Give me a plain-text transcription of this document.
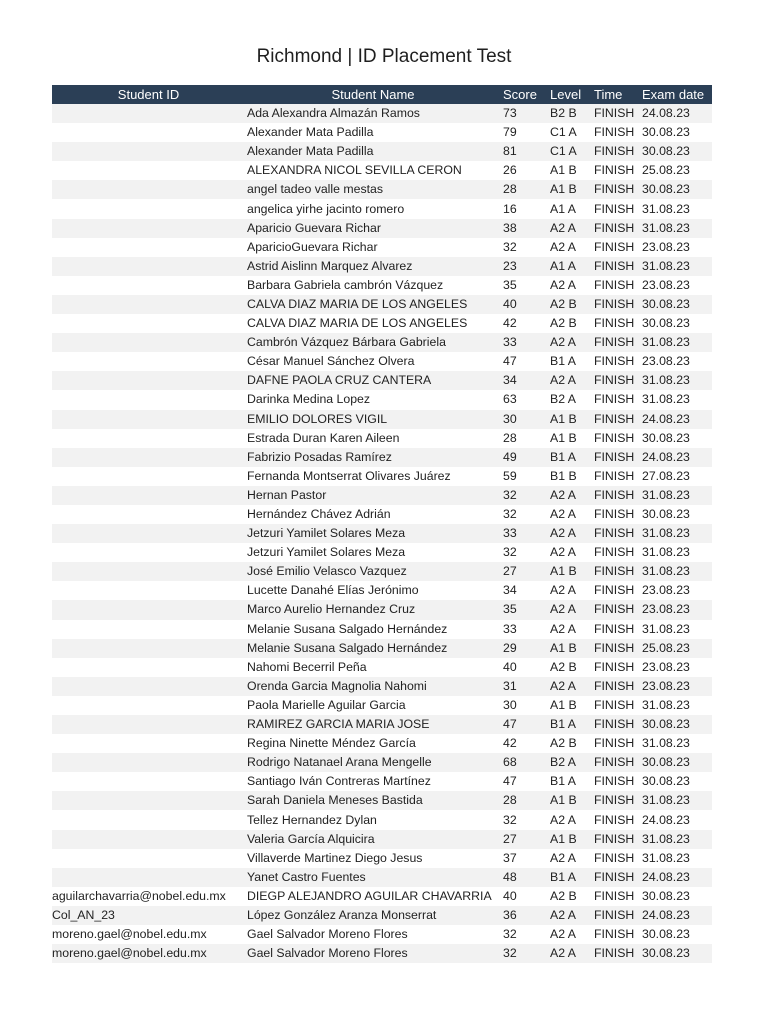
Richmond | ID Placement Test
Student ID	Student Name	Score	Level	Time	Exam date
	Ada Alexandra Almazán Ramos	73	B2 B	FINISH	24.08.23
	Alexander Mata Padilla	79	C1 A	FINISH	30.08.23
	Alexander Mata Padilla	81	C1 A	FINISH	30.08.23
	ALEXANDRA NICOL SEVILLA CERON	26	A1 B	FINISH	25.08.23
	angel tadeo valle mestas	28	A1 B	FINISH	30.08.23
	angelica yirhe jacinto romero	16	A1 A	FINISH	31.08.23
	Aparicio Guevara Richar	38	A2 A	FINISH	31.08.23
	AparicioGuevara Richar	32	A2 A	FINISH	23.08.23
	Astrid Aislinn Marquez Alvarez	23	A1 A	FINISH	31.08.23
	Barbara Gabriela cambrón Vázquez	35	A2 A	FINISH	23.08.23
	CALVA DIAZ MARIA DE LOS ANGELES	40	A2 B	FINISH	30.08.23
	CALVA DIAZ MARIA DE LOS ANGELES	42	A2 B	FINISH	30.08.23
	Cambrón Vázquez Bárbara Gabriela	33	A2 A	FINISH	31.08.23
	César Manuel Sánchez Olvera	47	B1 A	FINISH	23.08.23
	DAFNE PAOLA CRUZ CANTERA	34	A2 A	FINISH	31.08.23
	Darinka Medina Lopez	63	B2 A	FINISH	31.08.23
	EMILIO DOLORES VIGIL	30	A1 B	FINISH	24.08.23
	Estrada Duran Karen Aileen	28	A1 B	FINISH	30.08.23
	Fabrizio Posadas Ramírez	49	B1 A	FINISH	24.08.23
	Fernanda Montserrat Olivares Juárez	59	B1 B	FINISH	27.08.23
	Hernan Pastor	32	A2 A	FINISH	31.08.23
	Hernández Chávez Adrián	32	A2 A	FINISH	30.08.23
	Jetzuri Yamilet Solares Meza	33	A2 A	FINISH	31.08.23
	Jetzuri Yamilet Solares Meza	32	A2 A	FINISH	31.08.23
	José Emilio Velasco Vazquez	27	A1 B	FINISH	31.08.23
	Lucette Danahé Elías Jerónimo	34	A2 A	FINISH	23.08.23
	Marco Aurelio Hernandez Cruz	35	A2 A	FINISH	23.08.23
	Melanie Susana Salgado Hernández	33	A2 A	FINISH	31.08.23
	Melanie Susana Salgado Hernández	29	A1 B	FINISH	25.08.23
	Nahomi Becerril Peña	40	A2 B	FINISH	23.08.23
	Orenda Garcia Magnolia Nahomi	31	A2 A	FINISH	23.08.23
	Paola Marielle Aguilar Garcia	30	A1 B	FINISH	31.08.23
	RAMIREZ GARCIA MARIA JOSE	47	B1 A	FINISH	30.08.23
	Regina Ninette Méndez García	42	A2 B	FINISH	31.08.23
	Rodrigo Natanael Arana Mengelle	68	B2 A	FINISH	30.08.23
	Santiago Iván Contreras Martínez	47	B1 A	FINISH	30.08.23
	Sarah Daniela Meneses Bastida	28	A1 B	FINISH	31.08.23
	Tellez Hernandez Dylan	32	A2 A	FINISH	24.08.23
	Valeria García Alquicira	27	A1 B	FINISH	31.08.23
	Villaverde Martinez Diego Jesus	37	A2 A	FINISH	31.08.23
	Yanet Castro Fuentes	48	B1 A	FINISH	24.08.23
aguilarchavarria@nobel.edu.mx	DIEGP ALEJANDRO AGUILAR CHAVARRIA	40	A2 B	FINISH	30.08.23
Col_AN_23	López González Aranza Monserrat	36	A2 A	FINISH	24.08.23
moreno.gael@nobel.edu.mx	Gael Salvador Moreno Flores	32	A2 A	FINISH	30.08.23
moreno.gael@nobel.edu.mx	Gael Salvador Moreno Flores	32	A2 A	FINISH	30.08.23
